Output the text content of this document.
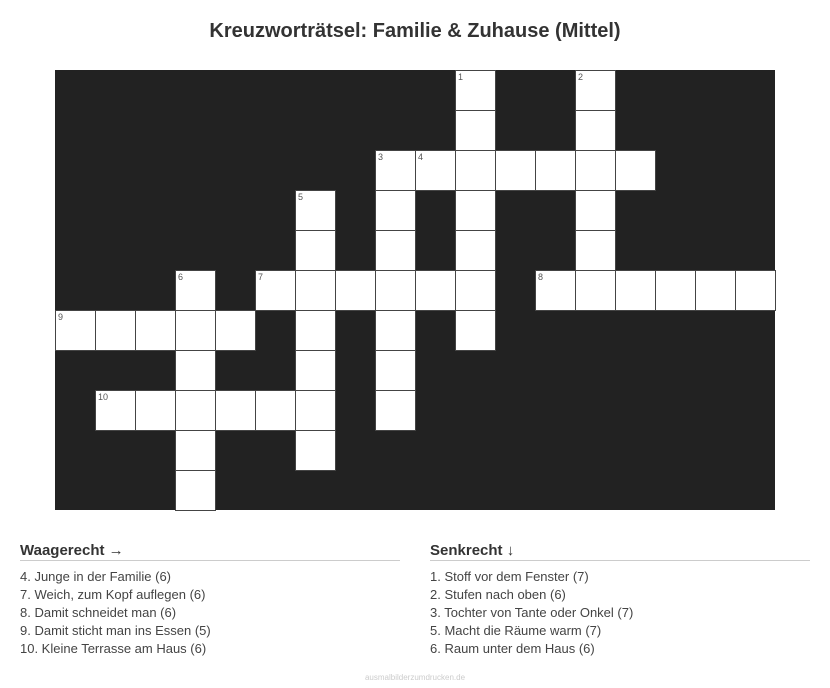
Kreuzworträtsel: Familie & Zuhause (Mittel)
1	2
3	4
5
6	7	8
9
10
Waagerecht →
4. Junge in der Familie (6)
7. Weich, zum Kopf auflegen (6)
8. Damit schneidet man (6)
9. Damit sticht man ins Essen (5)
10. Kleine Terrasse am Haus (6)
Senkrecht ↓
1. Stoff vor dem Fenster (7)
2. Stufen nach oben (6)
3. Tochter von Tante oder Onkel (7)
5. Macht die Räume warm (7)
6. Raum unter dem Haus (6)
ausmalbilderzumdrucken.de
